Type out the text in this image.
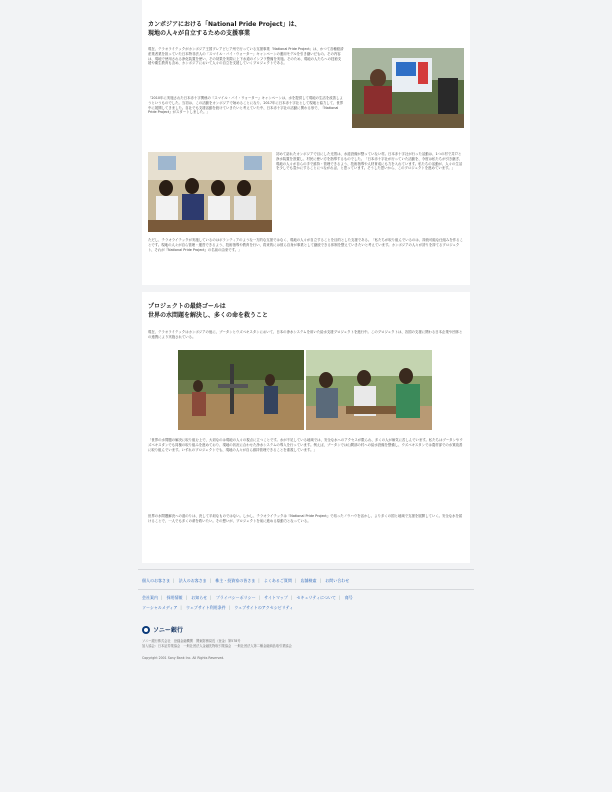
カンボジアにおける「National Pride Project」は、
現地の人々が自立するための支援事業
現在、テラオライテックがカンボジア王国プレアビヒア州で行っている支援事業「National Pride Project」は、かつて各種経済産業者業を担っていた日本特非法人の「スマイル・バイ・ウォーター」キャンペーンの運用モデルを引き継いだもの。その内容は、現地で使用される浄化装置を使い、その効果を実際に上下水道のインフラ整備を実施。そのため、現地の人たちへの技術支援や衛生教育も含め、カンボジアにおいて人々の自立を支援していくプロジェクトである。
「2010年に実施された日本赤十字関係の『スマイル・バイ・ウォーター』キャンペーンは、水を提供して現地の生活を改善しようというものでした。当初は、この活動をカンボジアで始めることになり、2017年に日本赤十字社として現地と協力して、世界中に展開してきました。自社でも支援活動を続けていきたいと考えていた中、日本赤十字社の活動に関わる形で、『National Pride Project』がスタートしました。」
初めて訪れたカンボジアで目にした光景は、水道設備が整っていない村。日本赤十字社が行った活動は、1つの村で井戸と浄水装置を設置し、村民に使い方を指導するものでした。「日本赤十字社が行っていた活動を、今度は私たちが引き継ぎ、現地の人々が自らの手で維持・管理できるよう、技術指導や人材育成にも力を入れています。私たちの活動が、人々の生活を少しでも豊かにすることにつながれば、と思っています。そうした思いから、このプロジェクトを進めています。」
ただし、テラオライテックが実施しているのはボランティアのような一方的な支援ではなく、現地の人々が自立することを目的とした支援である。「私たちが取り組んでいるのは、持続可能な仕組みを作ることです。現地の人々が自ら管理・運営できるよう、技術指導や教育を行い、将来的には彼ら自身が事業として継続できる体制を整えていきたいと考えています。カンボジアの人々が誇りを持てるプロジェクト、それが『National Pride Project』の名前の由来です。」
プロジェクトの最終ゴールは
世界の水問題を解決し、多くの命を救うこと
現在、テラオライテックはカンボジアの他に、ブータンとウズベキスタンにおいて、日本の浄水システムを用いた給水支援プロジェクトを進行中。このプロジェクトは、各国の支援に関わる日本企業や団体との連携により実施されている。
「世界の水問題の解決に取り組む上で、大切なのは現地の人々の視点に立つことです。水が不足している地域では、安全な水へのアクセスが限られ、多くの人が病気に苦しんでいます。私たちはブータンやウズベキスタンでも同様の取り組みを進めており、現地の状況に合わせた浄水システムの導入を行っています。例えば、ブータンでは山間部の村への給水設備を整備し、ウズベキスタンでは農村部での水質改善に取り組んでいます。いずれのプロジェクトでも、現地の人々が自ら維持管理できることを重視しています。」
世界の水問題解決への道のりは、決して平坦なものではない。しかし、テラオライテックは『National Pride Project』で培ったノウハウを活かし、より多くの国と地域で支援を展開していく。安全な水を届けることで、一人でも多くの命を救いたい。その想いが、プロジェクトを前に進める原動力となっている。
個人のお客さま | 法人のお客さま | 株主・投資家の皆さま | よくあるご質問 | 店舗検索 | お問い合わせ
会社案内 | 採用情報 | お知らせ | プライバシーポリシー | サイトマップ | セキュリティについて | 商号
ソーシャルメディア | ウェブサイト利用条件 | ウェブサイトのアクセシビリティ
ソニー銀行
ソニー銀行株式会社　登録金融機関　関東財務局長（登金）第578号
加入協会：日本証券業協会　一般社団法人金融先物取引業協会　一般社団法人第二種金融商品取引業協会
Copyright 2001 Sony Bank Inc. All Rights Reserved.
